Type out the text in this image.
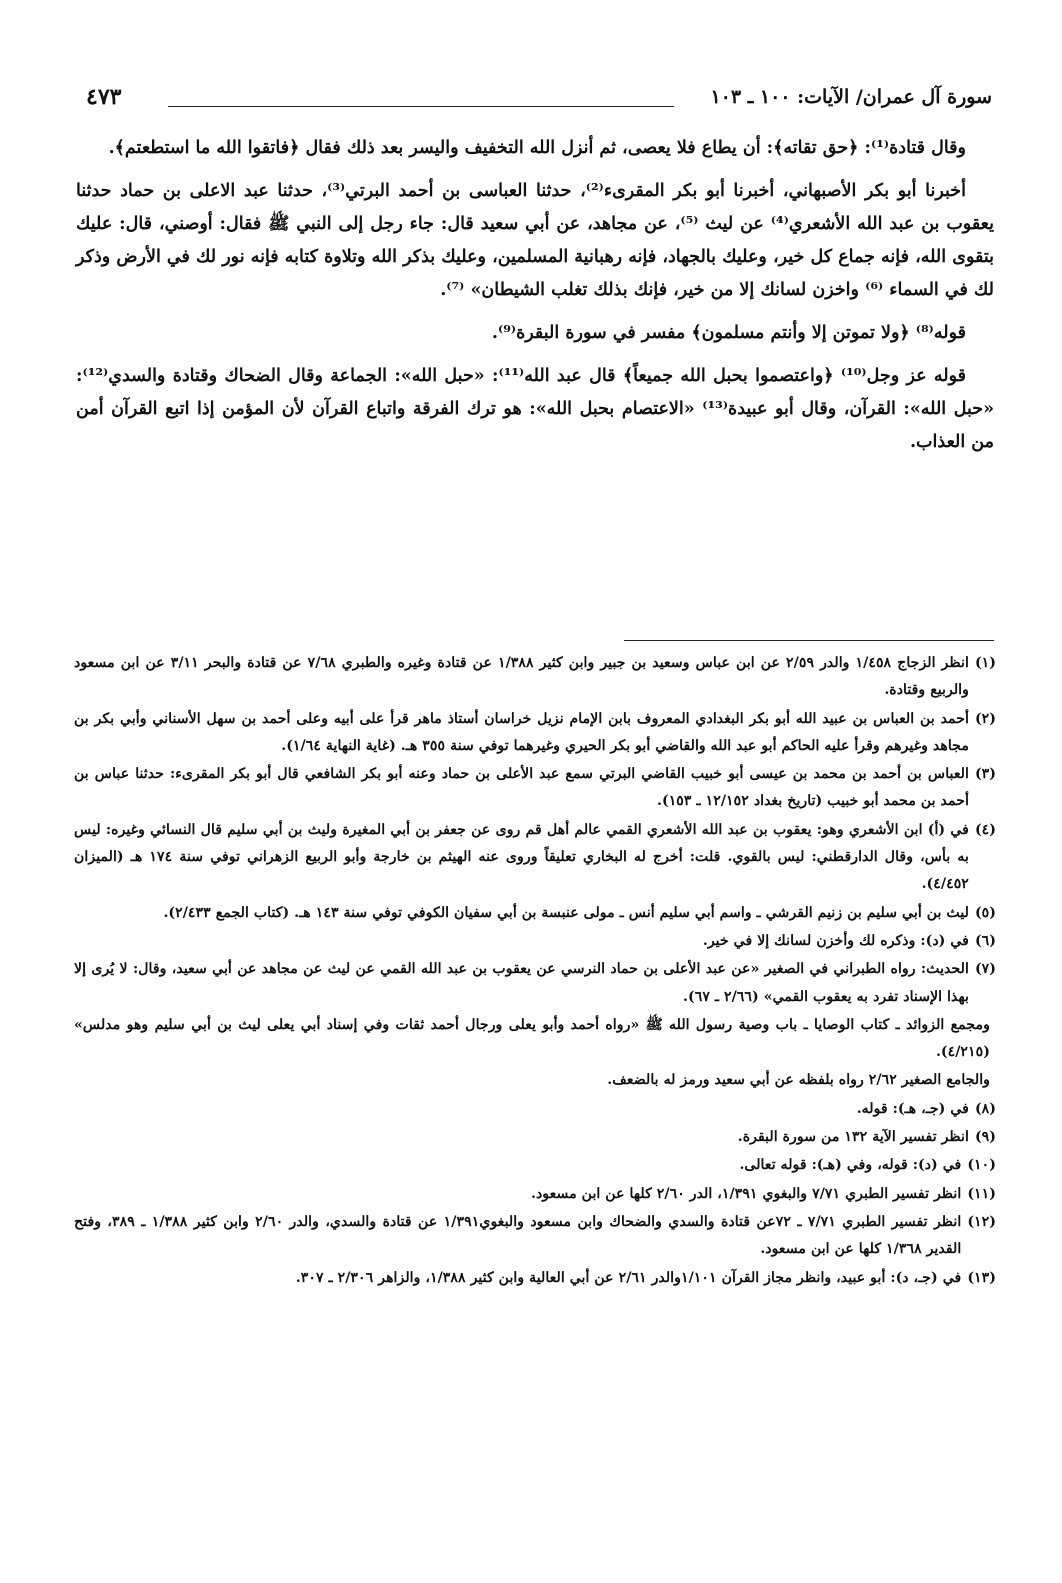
سورة آل عمران/ الآيات: ١٠٠ ـ ١٠٣
٤٧٣

وقال قتادة⁽¹⁾: ﴿حق تقاته﴾: أن يطاع فلا يعصى، ثم أنزل الله التخفيف واليسر بعد ذلك فقال ﴿فاتقوا الله ما استطعتم﴾.

أخبرنا أبو بكر الأصبهاني، أخبرنا أبو بكر المقرىء⁽²⁾، حدثنا العباسى بن أحمد البرتي⁽³⁾، حدثنا عبد الاعلى بن حماد حدثنا يعقوب بن عبد الله الأشعري⁽⁴⁾ عن ليث ⁽⁵⁾، عن مجاهد، عن أبي سعيد قال: جاء رجل إلى النبي ﷺ فقال: أوصني، قال: عليك بتقوى الله، فإنه جماع كل خير، وعليك بالجهاد، فإنه رهبانية المسلمين، وعليك بذكر الله وتلاوة كتابه فإنه نور لك في الأرض وذكر لك في السماء ⁽⁶⁾ واخزن لسانك إلا من خير، فإنك بذلك تغلب الشيطان» ⁽⁷⁾.

قوله⁽⁸⁾ ﴿ولا تموتن إلا وأنتم مسلمون﴾ مفسر في سورة البقرة⁽⁹⁾.

قوله عز وجل⁽¹⁰⁾ ﴿واعتصموا بحبل الله جميعاً﴾ قال عبد الله⁽¹¹⁾: «حبل الله»: الجماعة وقال الضحاك وقتادة والسدي⁽¹²⁾: «حبل الله»: القرآن، وقال أبو عبيدة⁽¹³⁾ «الاعتصام بحبل الله»: هو ترك الفرقة واتباع القرآن لأن المؤمن إذا اتبع القرآن أمن من العذاب.

(١)
انظر الزجاج ١/٤٥٨ والدر ٢/٥٩ عن ابن عباس وسعيد بن جبير وابن كثير ١/٣٨٨ عن قتادة وغيره والطبري ٧/٦٨ عن قتادة والبحر ٣/١١ عن ابن مسعود والربيع وقتادة.
(٢)
أحمد بن العباس بن عبيد الله أبو بكر البغدادي المعروف بابن الإمام نزيل خراسان أستاذ ماهر قرأ على أبيه وعلى أحمد بن سهل الأسناني وأبي بكر بن مجاهد وغيرهم وقرأ عليه الحاكم أبو عبد الله والقاضي أبو بكر الحيري وغيرهما توفي سنة ٣٥٥ هـ. (غاية النهاية ١/٦٤).
(٣)
العباس بن أحمد بن محمد بن عيسى أبو خبيب القاضي البرتي سمع عبد الأعلى بن حماد وعنه أبو بكر الشافعي قال أبو بكر المقرىء: حدثنا عباس بن أحمد بن محمد أبو خبيب (تاريخ بغداد ١٢/١٥٢ ـ ١٥٣).
(٤)
في (أ) ابن الأشعري وهو: يعقوب بن عبد الله الأشعري القمي عالم أهل قم روى عن جعفر بن أبي المغيرة وليث بن أبي سليم قال النسائي وغيره: ليس به بأس، وقال الدارقطني: ليس بالقوي. قلت: أخرج له البخاري تعليقاً وروى عنه الهيثم بن خارجة وأبو الربيع الزهراني توفي سنة ١٧٤ هـ (الميزان ٤/٤٥٢).
(٥)
ليث بن أبي سليم بن زنيم القرشي ـ واسم أبي سليم أنس ـ مولى عنبسة بن أبي سفيان الكوفي توفي سنة ١٤٣ هـ. (كتاب الجمع ٢/٤٣٣).
(٦)
في (د): وذكره لك وأخزن لسانك إلا في خير.
(٧)
الحديث: رواه الطبراني في الصغير «عن عبد الأعلى بن حماد النرسي عن يعقوب بن عبد الله القمي عن ليث عن مجاهد عن أبي سعيد، وقال: لا يُرى إلا بهذا الإسناد تفرد به يعقوب القمي» (٢/٦٦ ـ ٦٧).
ومجمع الزوائد ـ كتاب الوصايا ـ باب وصية رسول الله ﷺ «رواه أحمد وأبو يعلى ورجال أحمد ثقات وفي إسناد أبي يعلى ليث بن أبي سليم وهو مدلس» (٤/٢١٥).
والجامع الصغير ٢/٦٢ رواه بلفظه عن أبي سعيد ورمز له بالضعف.
(٨)
في (جـ، هـ): قوله.
(٩)
انظر تفسير الآية ١٣٢ من سورة البقرة.
(١٠)
في (د): قوله، وفي (هـ): قوله تعالى.
(١١)
انظر تفسير الطبري ٧/٧١ والبغوي ١/٣٩١، الدر ٢/٦٠ كلها عن ابن مسعود.
(١٢)
انظر تفسير الطبري ٧/٧١ ـ ٧٢عن قتادة والسدي والضحاك وابن مسعود والبغوي١/٣٩١ عن قتادة والسدي، والدر ٢/٦٠ وابن كثير ١/٣٨٨ ـ ٣٨٩، وفتح القدير ١/٣٦٨ كلها عن ابن مسعود.
(١٣)
في (جـ، د): أبو عبيد، وانظر مجاز القرآن ١/١٠١والدر ٢/٦١ عن أبي العالية وابن كثير ١/٣٨٨، والزاهر ٢/٣٠٦ ـ ٣٠٧.
